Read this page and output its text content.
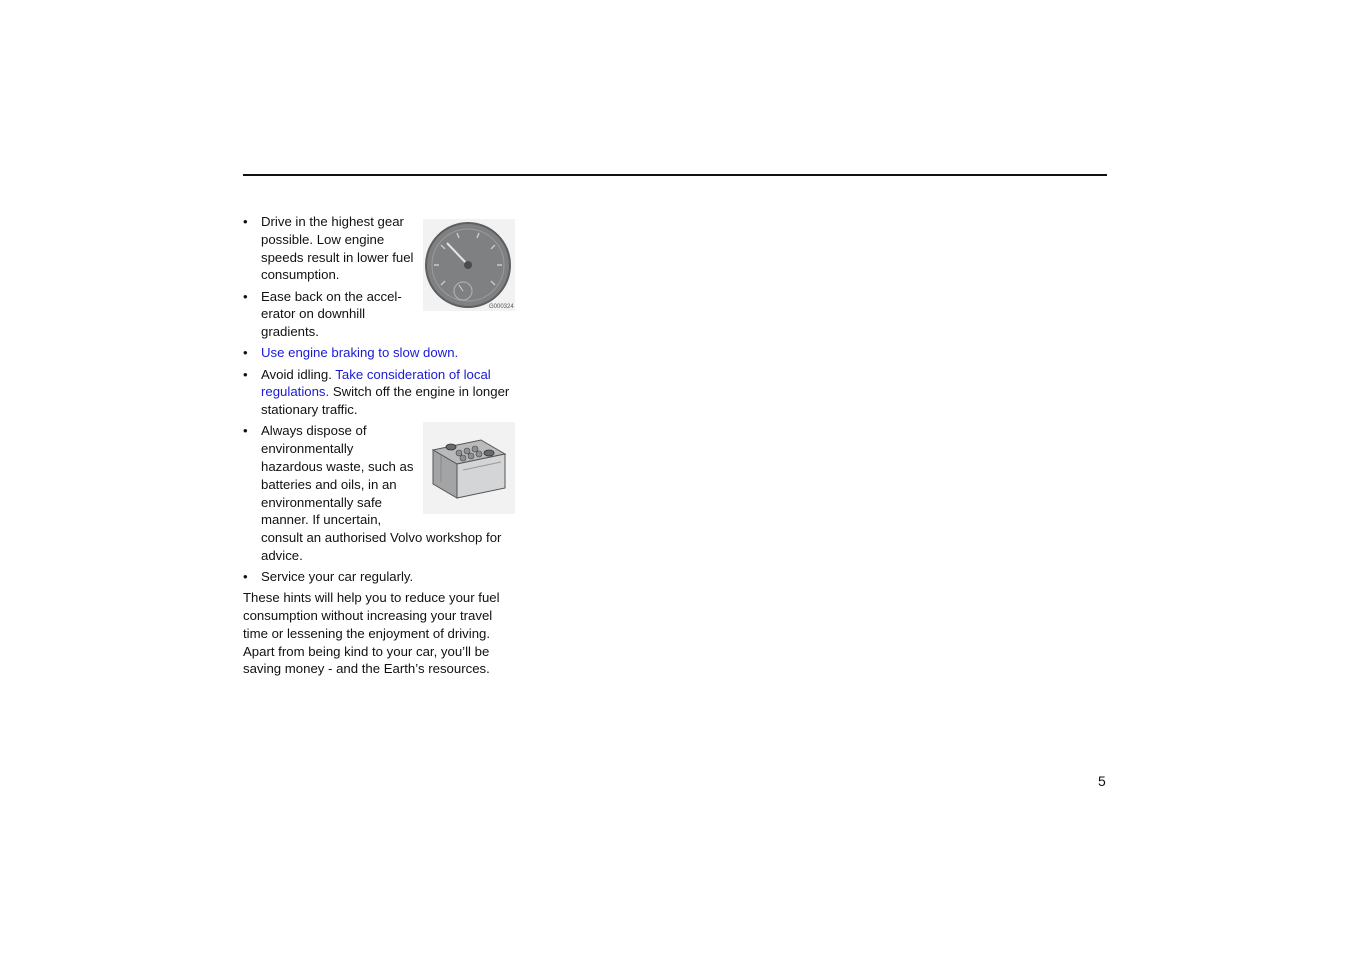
•
G000324
Drive in the highest gear possible. Low engine speeds result in lower fuel consumption.
• Ease back on the accel-erator on downhill gradients.
• Use engine braking to slow down.
• Avoid idling. Take consideration of local regulations. Switch off the engine in longer stationary traffic.
• Always dispose of environmentally hazardous waste, such as batteries and oils, in an environmentally safe manner. If uncertain, consult an authorised Volvo workshop for advice.
• Service your car regularly.
These hints will help you to reduce your fuel consumption without increasing your travel time or lessening the enjoyment of driving. Apart from being kind to your car, you’ll be saving money - and the Earth’s resources.
5
